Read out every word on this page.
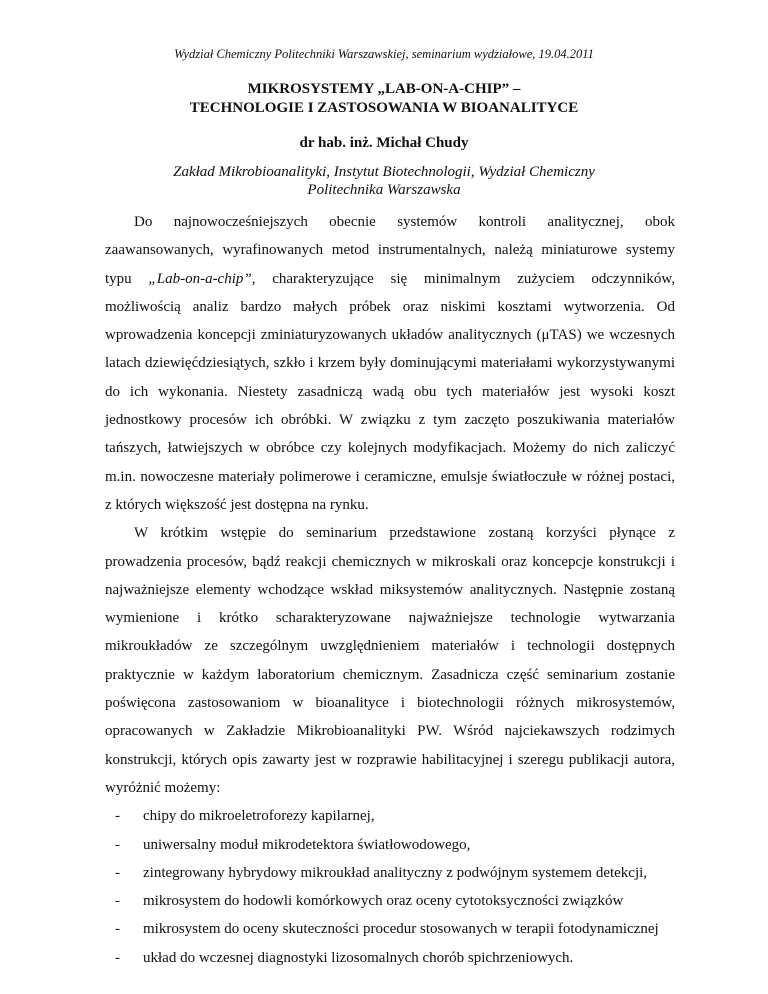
Wydział Chemiczny Politechniki Warszawskiej, seminarium wydziałowe, 19.04.2011
MIKROSYSTEMY „LAB-ON-A-CHIP” –
TECHNOLOGIE I ZASTOSOWANIA W BIOANALITYCE
dr hab. inż. Michał Chudy
Zakład Mikrobioanalityki, Instytut Biotechnologii, Wydział Chemiczny
Politechnika Warszawska

Do najnowocześniejszych obecnie systemów kontroli analitycznej, obok zaawansowanych, wyrafinowanych metod instrumentalnych, należą miniaturowe systemy typu „Lab-on-a-chip”, charakteryzujące się minimalnym zużyciem odczynników, możliwością analiz bardzo małych próbek oraz niskimi kosztami wytworzenia. Od wprowadzenia koncepcji zminiaturyzowanych układów analitycznych (μTAS) we wczesnych latach dziewięćdziesiątych, szkło i krzem były dominującymi materiałami wykorzystywanymi do ich wykonania. Niestety zasadniczą wadą obu tych materiałów jest wysoki koszt jednostkowy procesów ich obróbki. W związku z tym zaczęto poszukiwania materiałów tańszych, łatwiejszych w obróbce czy kolejnych modyfikacjach. Możemy do nich zaliczyć m.in. nowoczesne materiały polimerowe i ceramiczne, emulsje światłoczułe w różnej postaci, z których większość jest dostępna na rynku.

W krótkim wstępie do seminarium przedstawione zostaną korzyści płynące z prowadzenia procesów, bądź reakcji chemicznych w mikroskali oraz koncepcje konstrukcji i najważniejsze elementy wchodzące wskład miksystemów analitycznych. Następnie zostaną wymienione i krótko scharakteryzowane najważniejsze technologie wytwarzania mikroukładów ze szczególnym uwzględnieniem materiałów i technologii dostępnych praktycznie w każdym laboratorium chemicznym. Zasadnicza część seminarium zostanie poświęcona zastosowaniom w bioanalityce i biotechnologii różnych mikrosystemów, opracowanych w Zakładzie Mikrobioanalityki PW. Wśród najciekawszych rodzimych konstrukcji, których opis zawarty jest w rozprawie habilitacyjnej i szeregu publikacji autora, wyróżnić możemy:

- chipy do mikroeletroforezy kapilarnej,
- uniwersalny moduł mikrodetektora światłowodowego,
- zintegrowany hybrydowy mikroukład analityczny z podwójnym systemem detekcji,
- mikrosystem do hodowli komórkowych oraz oceny cytotoksyczności związków
- mikrosystem do oceny skuteczności procedur stosowanych w terapii fotodynamicznej
- układ do wczesnej diagnostyki lizosomalnych chorób spichrzeniowych.
